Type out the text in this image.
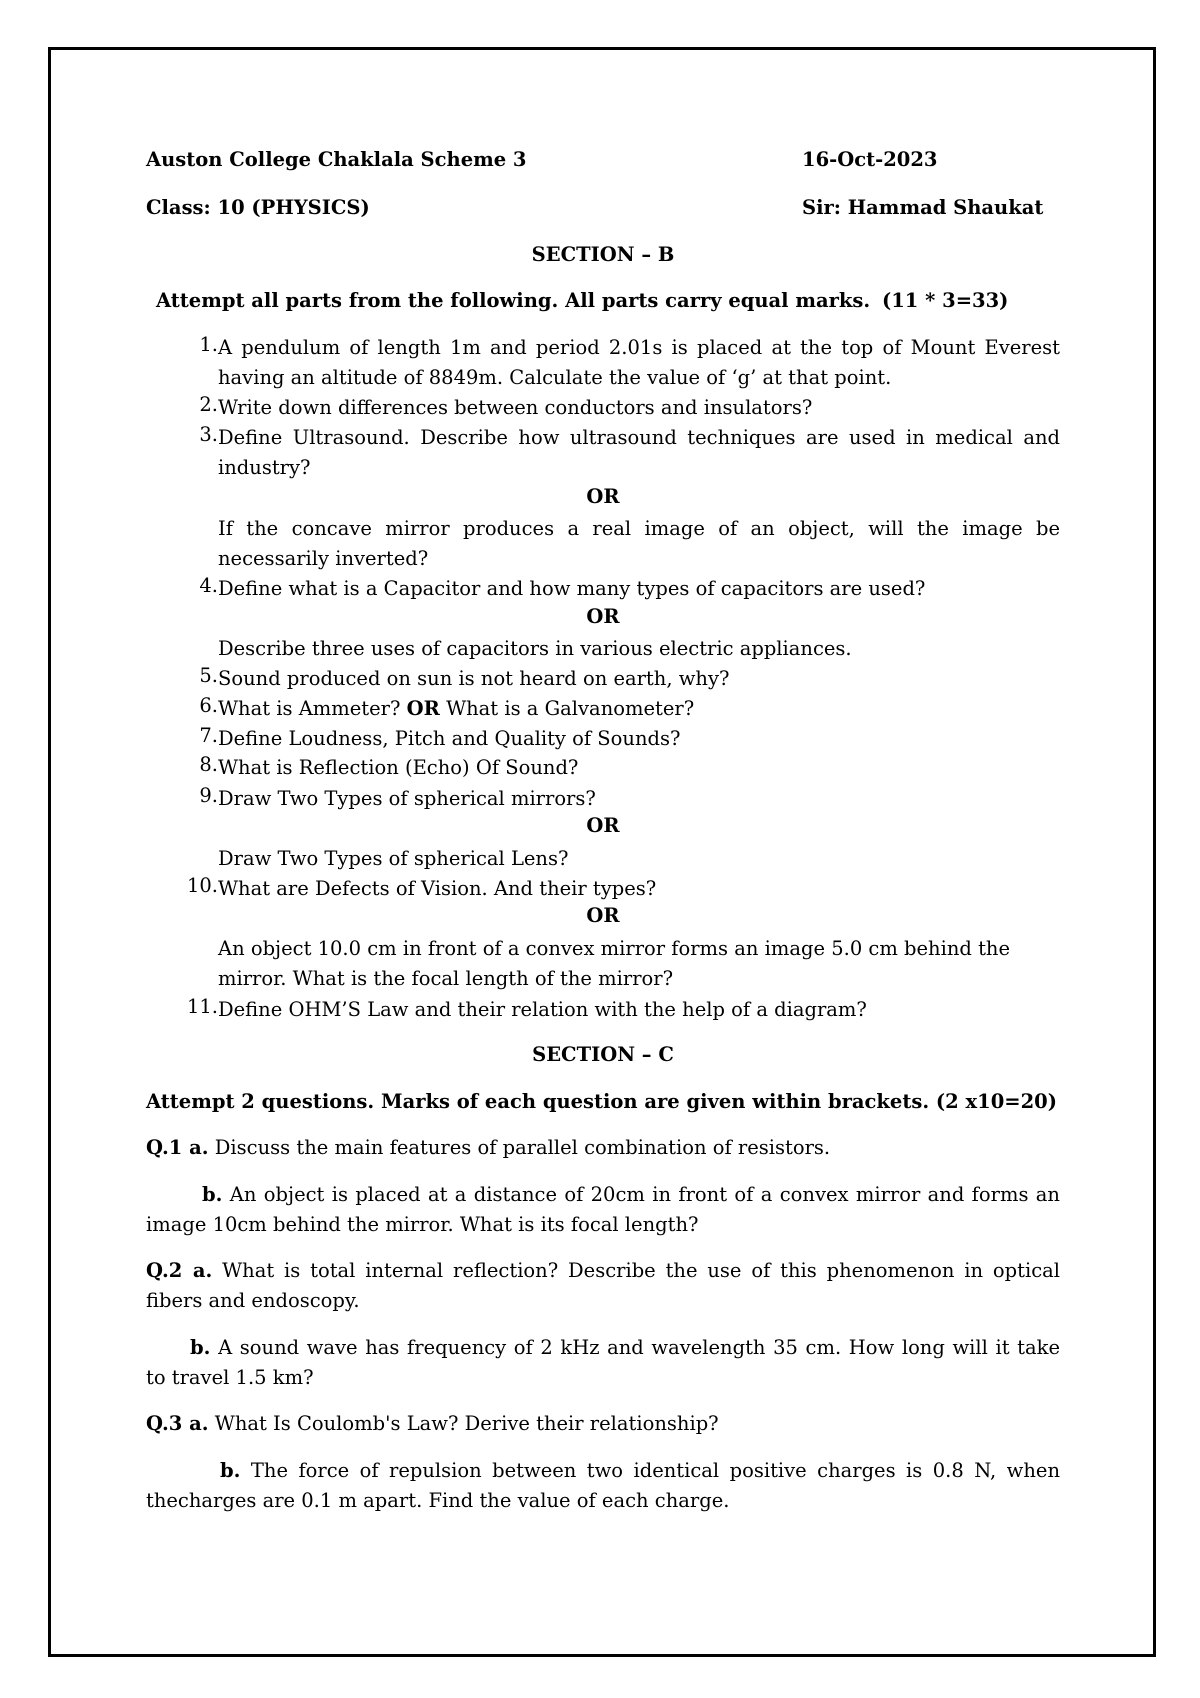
Auston College Chaklala Scheme 3	16-Oct-2023
Class: 10 (PHYSICS)	Sir: Hammad Shaukat
SECTION – B
Attempt all parts from the following. All parts carry equal marks. (11 * 3=33)
1. A pendulum of length 1m and period 2.01s is placed at the top of Mount Everest having an altitude of 8849m. Calculate the value of ‘g’ at that point.
2. Write down differences between conductors and insulators?
3. Define Ultrasound. Describe how ultrasound techniques are used in medical and industry?
OR
If the concave mirror produces a real image of an object, will the image be necessarily inverted?
4. Define what is a Capacitor and how many types of capacitors are used?
OR
Describe three uses of capacitors in various electric appliances.
5. Sound produced on sun is not heard on earth, why?
6. What is Ammeter? OR What is a Galvanometer?
7. Define Loudness, Pitch and Quality of Sounds?
8. What is Reflection (Echo) Of Sound?
9. Draw Two Types of spherical mirrors?
OR
Draw Two Types of spherical Lens?
10. What are Defects of Vision. And their types?
OR
An object 10.0 cm in front of a convex mirror forms an image 5.0 cm behind the mirror. What is the focal length of the mirror?
11. Define OHM’S Law and their relation with the help of a diagram?
SECTION – C
Attempt 2 questions. Marks of each question are given within brackets. (2 x10=20)
Q.1 a. Discuss the main features of parallel combination of resistors.
b. An object is placed at a distance of 20cm in front of a convex mirror and forms an image 10cm behind the mirror. What is its focal length?
Q.2 a. What is total internal reflection? Describe the use of this phenomenon in optical fibers and endoscopy.
b. A sound wave has frequency of 2 kHz and wavelength 35 cm. How long will it take to travel 1.5 km?
Q.3 a. What Is Coulomb's Law? Derive their relationship?
b. The force of repulsion between two identical positive charges is 0.8 N, when thecharges are 0.1 m apart. Find the value of each charge.
